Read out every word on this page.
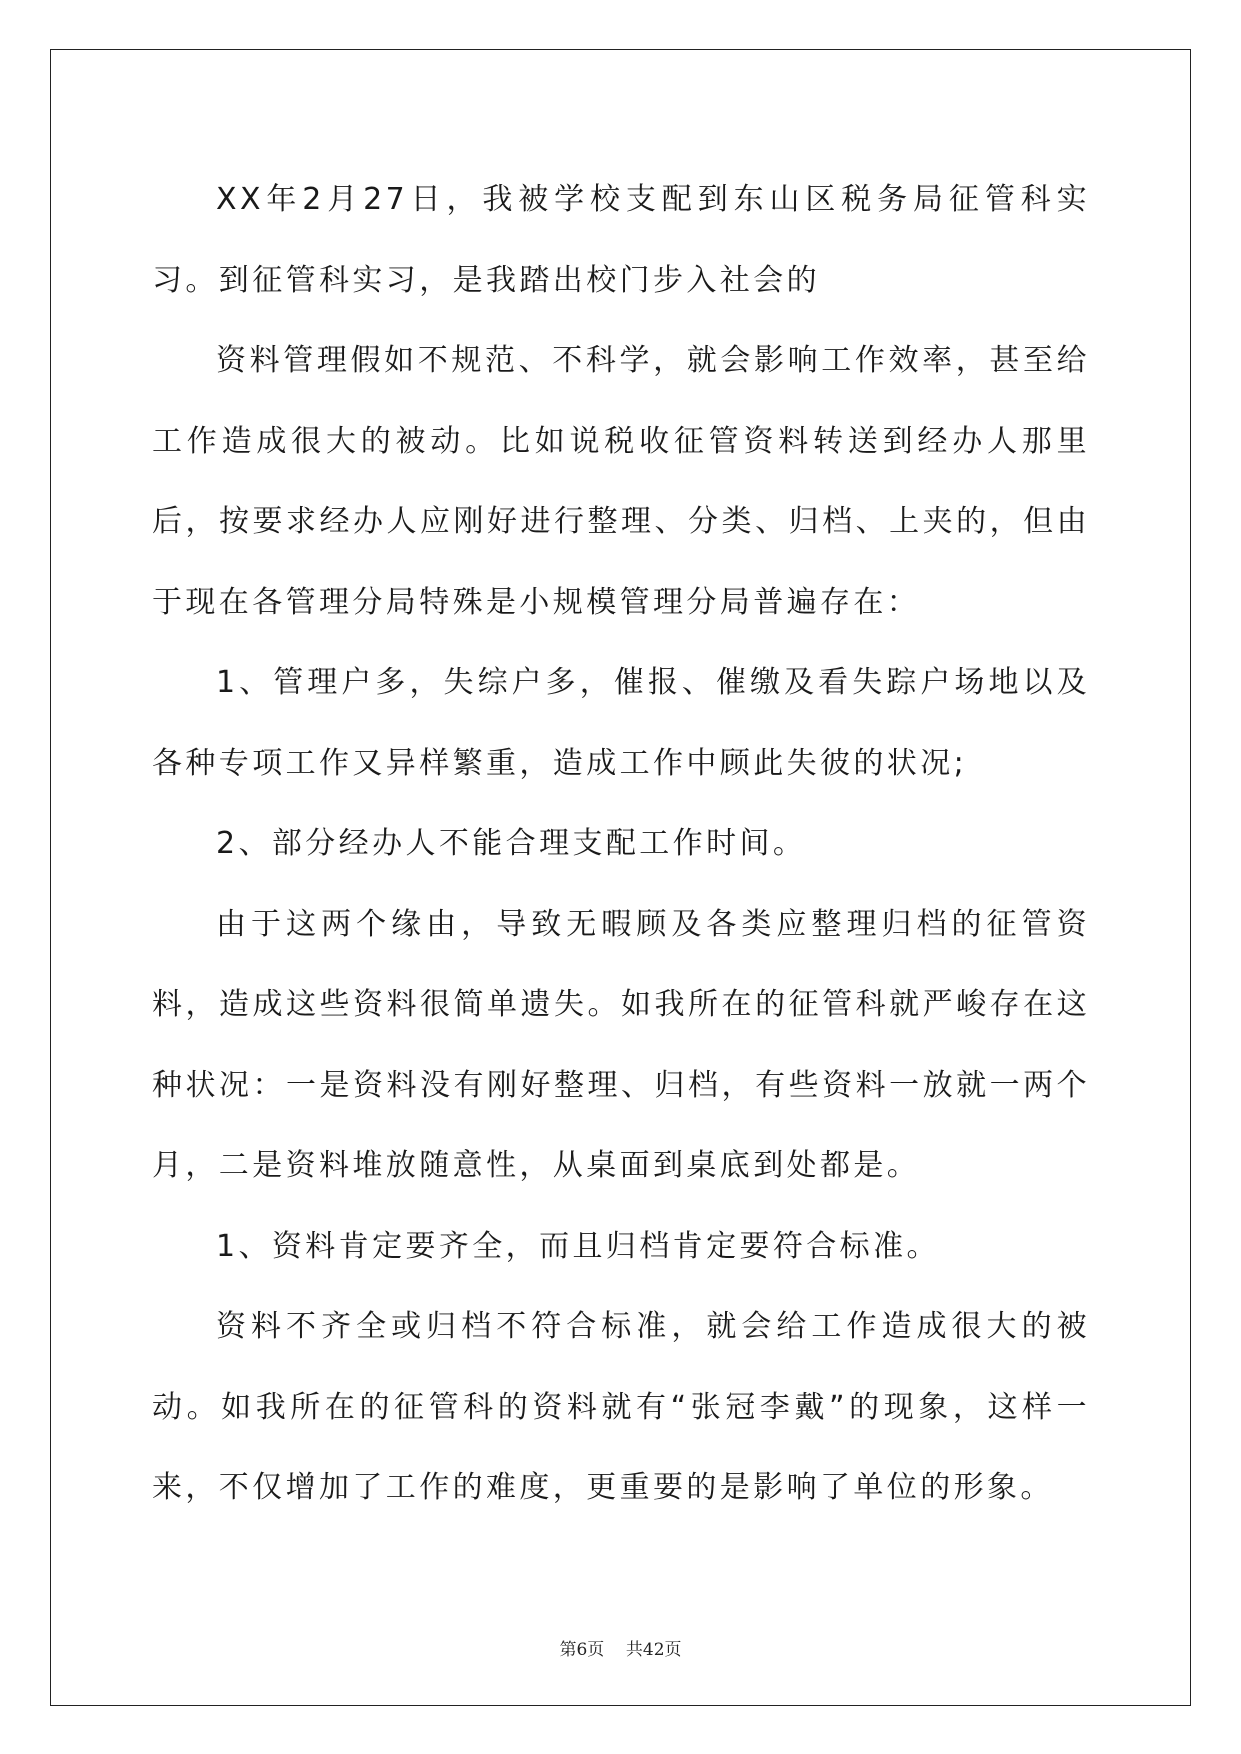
XX年2月27日，我被学校支配到东山区税务局征管科实习。到征管科实习，是我踏出校门步入社会的

资料管理假如不规范、不科学，就会影响工作效率，甚至给工作造成很大的被动。比如说税收征管资料转送到经办人那里后，按要求经办人应刚好进行整理、分类、归档、上夹的，但由于现在各管理分局特殊是小规模管理分局普遍存在：

1、管理户多，失综户多，催报、催缴及看失踪户场地以及各种专项工作又异样繁重，造成工作中顾此失彼的状况;

2、部分经办人不能合理支配工作时间。

由于这两个缘由，导致无暇顾及各类应整理归档的征管资料，造成这些资料很简单遗失。如我所在的征管科就严峻存在这种状况：一是资料没有刚好整理、归档，有些资料一放就一两个月，二是资料堆放随意性，从桌面到桌底到处都是。

1、资料肯定要齐全，而且归档肯定要符合标准。

资料不齐全或归档不符合标准，就会给工作造成很大的被动。如我所在的征管科的资料就有“张冠李戴”的现象，这样一来，不仅增加了工作的难度，更重要的是影响了单位的形象。

第6页 共42页
